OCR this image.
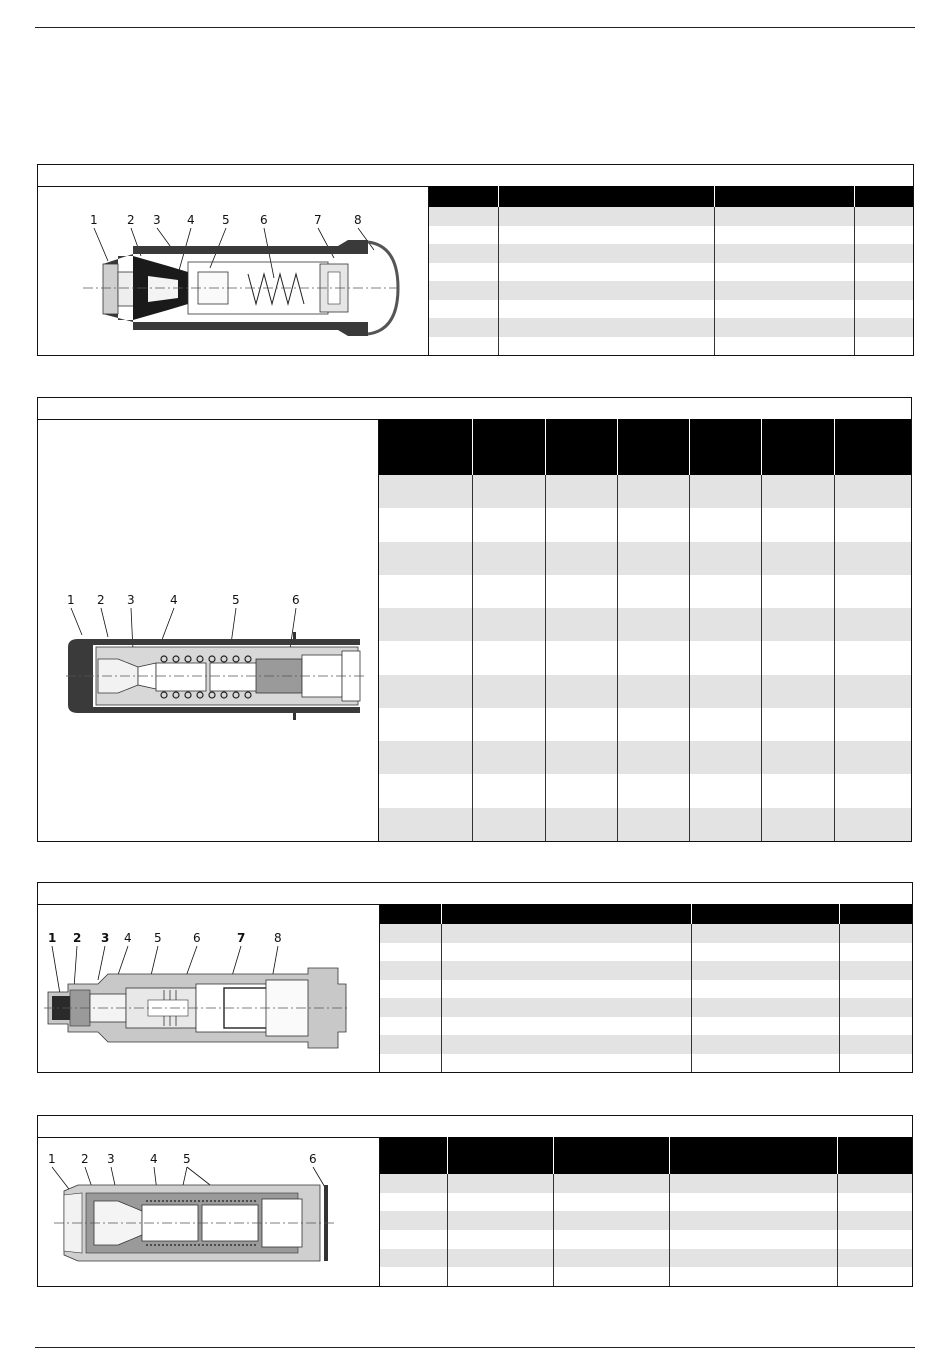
1 2 3 4 5	6	7	8

1 2 3	4	5	6

1 2 3 4 5	6	7 8

1 2 3	4 5	6
